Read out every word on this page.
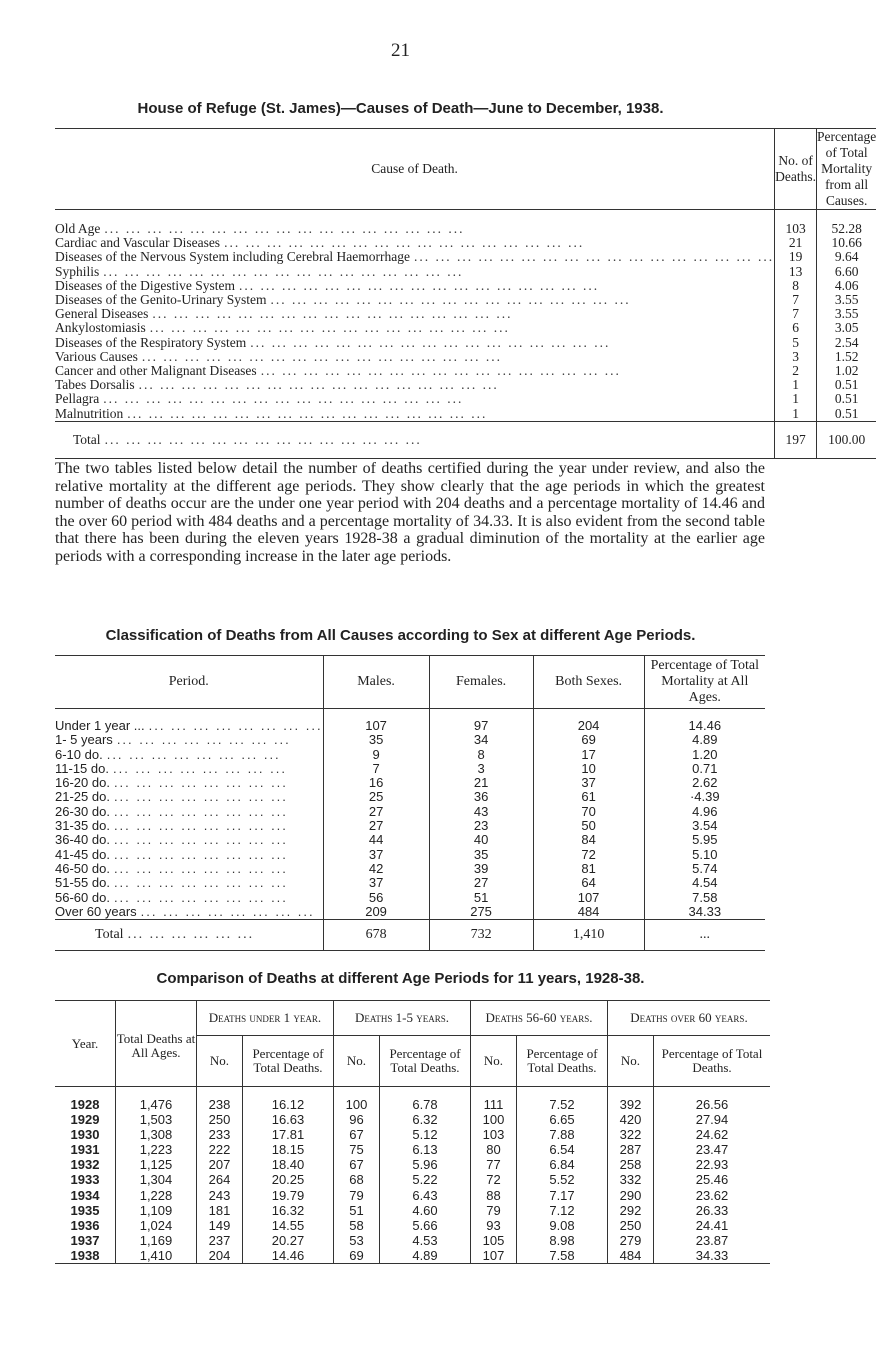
21
House of Refuge (St. James)—Causes of Death—June to December, 1938.
Cause of Death.	No. of Deaths.	Percentage of Total Mortality from all Causes.

Old Age ... ... ... ... ... ... ... ... ... ... ... ... ... ... ... ... ...	103	52.28

Cardiac and Vascular Diseases ... ... ... ... ... ... ... ... ... ... ... ... ... ... ... ... ...	21	10.66

Diseases of the Nervous System including Cerebral Haemorrhage ... ... ... ... ... ... ... ... ... ... ... ... ... ... ... ... ...	19	9.64

Syphilis ... ... ... ... ... ... ... ... ... ... ... ... ... ... ... ... ...	13	6.60

Diseases of the Digestive System ... ... ... ... ... ... ... ... ... ... ... ... ... ... ... ... ...	8	4.06

Diseases of the Genito-Urinary System ... ... ... ... ... ... ... ... ... ... ... ... ... ... ... ... ...	7	3.55

General Diseases ... ... ... ... ... ... ... ... ... ... ... ... ... ... ... ... ...	7	3.55

Ankylostomiasis ... ... ... ... ... ... ... ... ... ... ... ... ... ... ... ... ...	6	3.05

Diseases of the Respiratory System ... ... ... ... ... ... ... ... ... ... ... ... ... ... ... ... ...	5	2.54

Various Causes ... ... ... ... ... ... ... ... ... ... ... ... ... ... ... ... ...	3	1.52

Cancer and other Malignant Diseases ... ... ... ... ... ... ... ... ... ... ... ... ... ... ... ... ...	2	1.02

Tabes Dorsalis ... ... ... ... ... ... ... ... ... ... ... ... ... ... ... ... ...	1	0.51

Pellagra ... ... ... ... ... ... ... ... ... ... ... ... ... ... ... ... ...	1	0.51

Malnutrition ... ... ... ... ... ... ... ... ... ... ... ... ... ... ... ... ...	1	0.51

Total ... ... ... ... ... ... ... ... ... ... ... ... ... ... ...	197	100.00
The two tables listed below detail the number of deaths certified during the year under review, and also the relative mortality at the different age periods. They show clearly that the age periods in which the greatest number of deaths occur are the under one year period with 204 deaths and a percentage mortality of 14.46 and the over 60 period with 484 deaths and a percentage mortality of 34.33. It is also evident from the second table that there has been during the eleven years 1928-38 a gradual diminution of the mortality at the earlier age periods with a corresponding increase in the later age periods.
Classification of Deaths from All Causes according to Sex at different Age Periods.
Period.	Males.	Females.	Both Sexes.	Percentage of Total Mortality at All Ages.

Under 1 year ... ... ... ... ... ... ... ... ...	107	97	204	14.46

1- 5 years ... ... ... ... ... ... ... ...	35	34	69	4.89

6-10 do. ... ... ... ... ... ... ... ...	9	8	17	1.20

11-15 do. ... ... ... ... ... ... ... ...	7	3	10	0.71

16-20 do. ... ... ... ... ... ... ... ...	16	21	37	2.62

21-25 do. ... ... ... ... ... ... ... ...	25	36	61	·4.39

26-30 do. ... ... ... ... ... ... ... ...	27	43	70	4.96

31-35 do. ... ... ... ... ... ... ... ...	27	23	50	3.54

36-40 do. ... ... ... ... ... ... ... ...	44	40	84	5.95

41-45 do. ... ... ... ... ... ... ... ...	37	35	72	5.10

46-50 do. ... ... ... ... ... ... ... ...	42	39	81	5.74

51-55 do. ... ... ... ... ... ... ... ...	37	27	64	4.54

56-60 do. ... ... ... ... ... ... ... ...	56	51	107	7.58

Over 60 years ... ... ... ... ... ... ... ...	209	275	484	34.33

Total ... ... ... ... ... ...	678	732	1,410	...
Comparison of Deaths at different Age Periods for 11 years, 1928-38.
Year.	Total Deaths at All Ages.	Deaths under 1 year.		Deaths 1-5 years.		Deaths 56-60 years.		Deaths over 60 years.	
		No.	Percentage of Total Deaths.	No.	Percentage of Total Deaths.	No.	Percentage of Total Deaths.	No.	Percentage of Total Deaths.
1928	1,476	238	16.12	100	6.78	111	7.52	392	26.56
1929	1,503	250	16.63	96	6.32	100	6.65	420	27.94
1930	1,308	233	17.81	67	5.12	103	7.88	322	24.62
1931	1,223	222	18.15	75	6.13	80	6.54	287	23.47
1932	1,125	207	18.40	67	5.96	77	6.84	258	22.93
1933	1,304	264	20.25	68	5.22	72	5.52	332	25.46
1934	1,228	243	19.79	79	6.43	88	7.17	290	23.62
1935	1,109	181	16.32	51	4.60	79	7.12	292	26.33
1936	1,024	149	14.55	58	5.66	93	9.08	250	24.41
1937	1,169	237	20.27	53	4.53	105	8.98	279	23.87
1938	1,410	204	14.46	69	4.89	107	7.58	484	34.33
